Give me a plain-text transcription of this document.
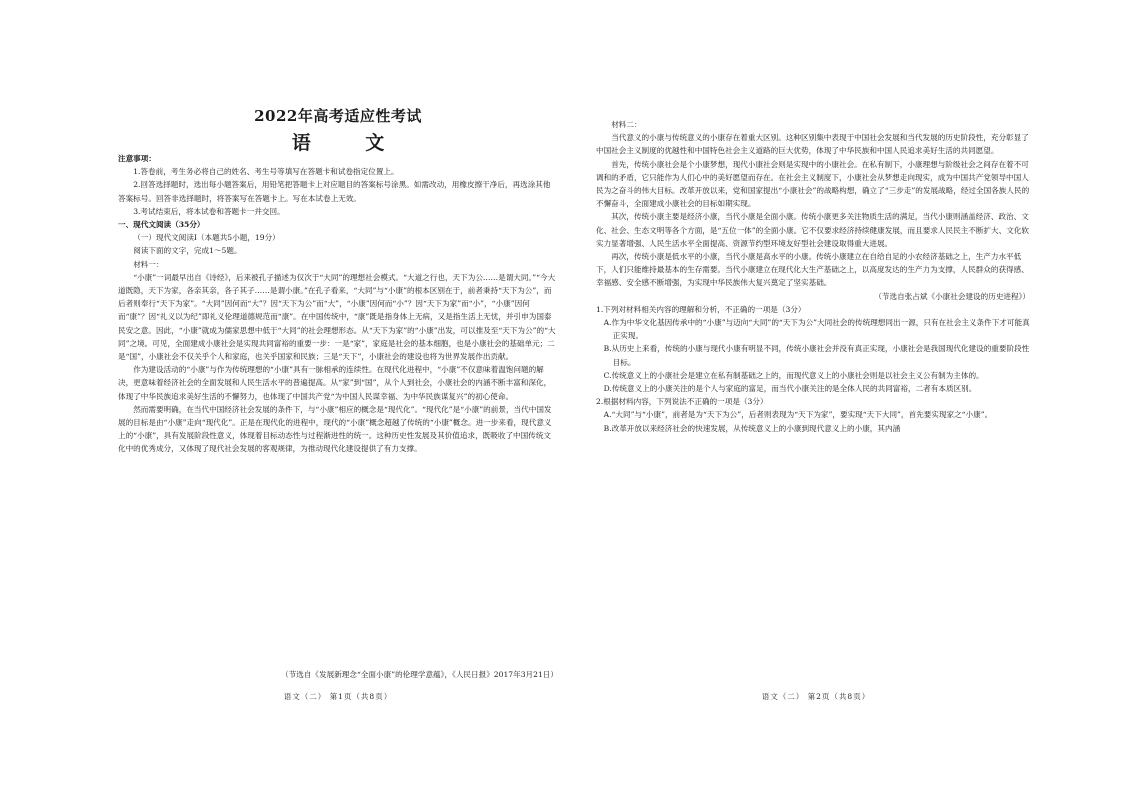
2022年高考适应性考试
语 文

注意事项：

1.答卷前，考生务必将自己的姓名、考生号等填写在答题卡和试卷指定位置上。

2.回答选择题时，选出每小题答案后，用铅笔把答题卡上对应题目的答案标号涂黑。如需改动，用橡皮擦干净后，再选涂其他答案标号。回答非选择题时，将答案写在答题卡上。写在本试卷上无效。

3.考试结束后，将本试卷和答题卡一并交回。

一、现代文阅读（35分）

（一）现代文阅读Ⅰ（本题共5小题，19分）

阅读下面的文字，完成1～5题。

材料一：

“小康”一词最早出自《诗经》，后来被孔子描述为仅次于“大同”的理想社会模式。“大道之行也，天下为公……是谓大同。”“今大道既隐，天下为家，各亲其亲，各子其子……是谓小康。”在孔子看来，“大同”与“小康”的根本区别在于，前者秉持“天下为公”，而后者则奉行“天下为家”。“大同”因何而“大”？因“天下为公”而“大”，“小康”因何而“小”？因“天下为家”而“小”，“小康”因何而“康”？因“礼义以为纪”即礼义伦理道德规范而“康”。在中国传统中，“康”既是指身体上无病，又是指生活上无忧，并引申为国泰民安之意。因此，“小康”就成为儒家思想中低于“大同”的社会理想形态。从“天下为家”的“小康”出发，可以推及至“天下为公”的“大同”之境。可见，全面建成小康社会是实现共同富裕的重要一步：一是“家”，家庭是社会的基本细胞，也是小康社会的基础单元；二是“国”，小康社会不仅关乎个人和家庭，也关乎国家和民族；三是“天下”，小康社会的建设也将为世界发展作出贡献。

作为建设活动的“小康”与作为传统理想的“小康”具有一脉相承的连续性。在现代化进程中，“小康”不仅意味着温饱问题的解决，更意味着经济社会的全面发展和人民生活水平的普遍提高。从“家”到“国”，从个人到社会，小康社会的内涵不断丰富和深化，体现了中华民族追求美好生活的不懈努力，也体现了中国共产党“为中国人民谋幸福、为中华民族谋复兴”的初心使命。

然而需要明确，在当代中国经济社会发展的条件下，与“小康”相应的概念是“现代化”。“现代化”是“小康”的前景，当代中国发展的目标是由“小康”走向“现代化”。正是在现代化的进程中，现代的“小康”概念超越了传统的“小康”概念。进一步来看，现代意义上的“小康”，具有发展阶段性意义，体现着目标动态性与过程渐进性的统一。这种历史性发展及其价值追求，既吸收了中国传统文化中的优秀成分，又体现了现代社会发展的客观规律，为推动现代化建设提供了有力支撑。

（节选自《发展新理念“全面小康”的伦理学意蕴》，《人民日报》2017年3月21日）
语文（二） 第1页（共8页）

材料二：

当代意义的小康与传统意义的小康存在着重大区别。这种区别集中表现于中国社会发展和当代发展的历史阶段性，充分彰显了中国社会主义制度的优越性和中国特色社会主义道路的巨大优势，体现了中华民族和中国人民追求美好生活的共同愿望。

首先，传统小康社会是个小康梦想，现代小康社会则是实现中的小康社会。在私有制下，小康理想与阶级社会之间存在着不可调和的矛盾，它只能作为人们心中的美好愿望而存在。在社会主义制度下，小康社会从梦想走向现实，成为中国共产党领导中国人民为之奋斗的伟大目标。改革开放以来，党和国家提出“小康社会”的战略构想，确立了“三步走”的发展战略，经过全国各族人民的不懈奋斗，全面建成小康社会的目标如期实现。

其次，传统小康主要是经济小康，当代小康是全面小康。传统小康更多关注物质生活的满足，当代小康则涵盖经济、政治、文化、社会、生态文明等各个方面，是“五位一体”的全面小康。它不仅要求经济持续健康发展，而且要求人民民主不断扩大、文化软实力显著增强、人民生活水平全面提高、资源节约型环境友好型社会建设取得重大进展。

再次，传统小康是低水平的小康，当代小康是高水平的小康。传统小康建立在自给自足的小农经济基础之上，生产力水平低下，人们只能维持最基本的生存需要。当代小康建立在现代化大生产基础之上，以高度发达的生产力为支撑，人民群众的获得感、幸福感、安全感不断增强，为实现中华民族伟大复兴奠定了坚实基础。

（节选自张占斌《小康社会建设的历史进程》）

1.下列对材料相关内容的理解和分析，不正确的一项是（3分）

A.作为中华文化基因传承中的“小康”与迈向“大同”的“天下为公”大同社会的传统理想同出一源，只有在社会主义条件下才可能真正实现。

B.从历史上来看，传统的小康与现代小康有明显不同，传统小康社会并没有真正实现，小康社会是我国现代化建设的重要阶段性目标。

C.传统意义上的小康社会是建立在私有制基础之上的，而现代意义上的小康社会则是以社会主义公有制为主体的。

D.传统意义上的小康关注的是个人与家庭的富足，而当代小康关注的是全体人民的共同富裕，二者有本质区别。

2.根据材料内容，下列说法不正确的一项是（3分）

A.“大同”与“小康”，前者是为“天下为公”，后者则表现为“天下为家”，要实现“天下大同”，首先要实现家之“小康”。

B.改革开放以来经济社会的快速发展，从传统意义上的小康到现代意义上的小康，其内涵

语文（二） 第2页（共8页）
